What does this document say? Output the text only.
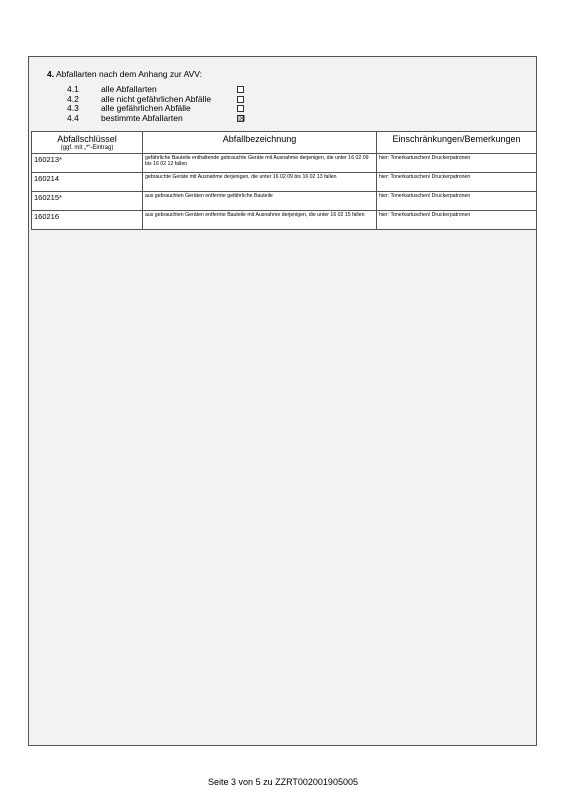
4. Abfallarten nach dem Anhang zur AVV:
4.1	alle Abfallarten
4.2	alle nicht gefährlichen Abfälle
4.3	alle gefährlichen Abfälle
4.4	bestimmte Abfallarten	☒
Abfallschlüssel
(ggf. mit „*“-Eintrag)	Abfallbezeichnung	Einschränkungen/Bemerkungen
160213*	gefährliche Bauteile enthaltende gebrauchte Geräte mit Ausnahme derjenigen, die unter 16 02 09 bis 16 02 12 fallen	hier: Tonerkartuschen/ Druckerpatronen
160214	gebrauchte Geräte mit Ausnahme derjenigen, die unter 16 02 09 bis 16 02 13 fallen	hier: Tonerkartuschen/ Druckerpatronen
160215*	aus gebrauchten Geräten entfernte gefährliche Bauteile	hier: Tonerkartuschen/ Druckerpatronen
160216	aus gebrauchten Geräten entfernte Bauteile mit Ausnahme derjenigen, die unter 16 02 15 fallen	hier: Tonerkartuschen/ Druckerpatronen
Seite 3 von 5 zu ZZRT002001905005
